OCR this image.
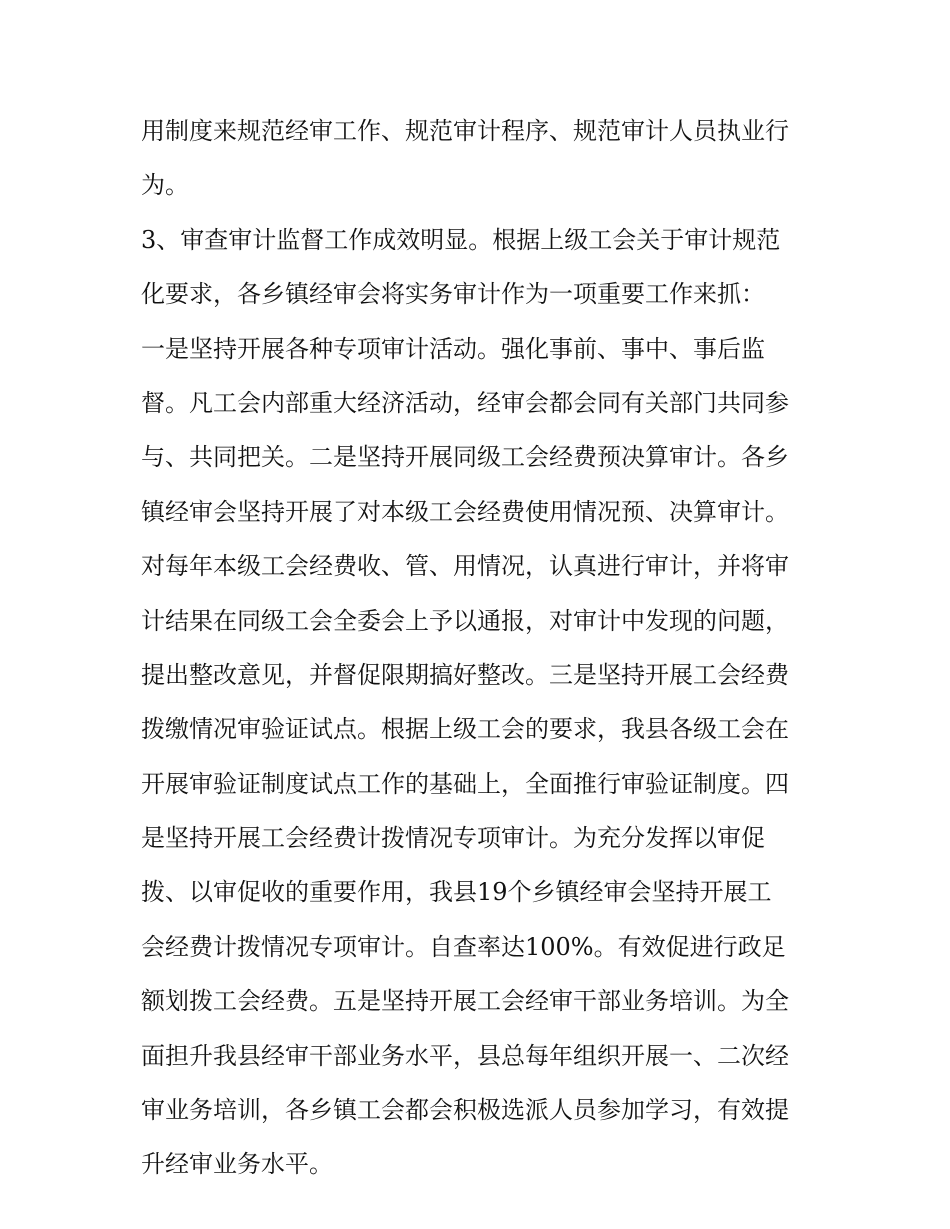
用制度来规范经审工作、规范审计程序、规范审计人员执业行
为。
3、审查审计监督工作成效明显。根据上级工会关于审计规范
化要求，各乡镇经审会将实务审计作为一项重要工作来抓：
一是坚持开展各种专项审计活动。强化事前、事中、事后监
督。凡工会内部重大经济活动，经审会都会同有关部门共同参
与、共同把关。二是坚持开展同级工会经费预决算审计。各乡
镇经审会坚持开展了对本级工会经费使用情况预、决算审计。
对每年本级工会经费收、管、用情况，认真进行审计，并将审
计结果在同级工会全委会上予以通报，对审计中发现的问题，
提出整改意见，并督促限期搞好整改。三是坚持开展工会经费
拨缴情况审验证试点。根据上级工会的要求，我县各级工会在
开展审验证制度试点工作的基础上，全面推行审验证制度。四
是坚持开展工会经费计拨情况专项审计。为充分发挥以审促
拨、以审促收的重要作用，我县19个乡镇经审会坚持开展工
会经费计拨情况专项审计。自查率达100%。有效促进行政足
额划拨工会经费。五是坚持开展工会经审干部业务培训。为全
面担升我县经审干部业务水平，县总每年组织开展一、二次经
审业务培训，各乡镇工会都会积极选派人员参加学习，有效提
升经审业务水平。
